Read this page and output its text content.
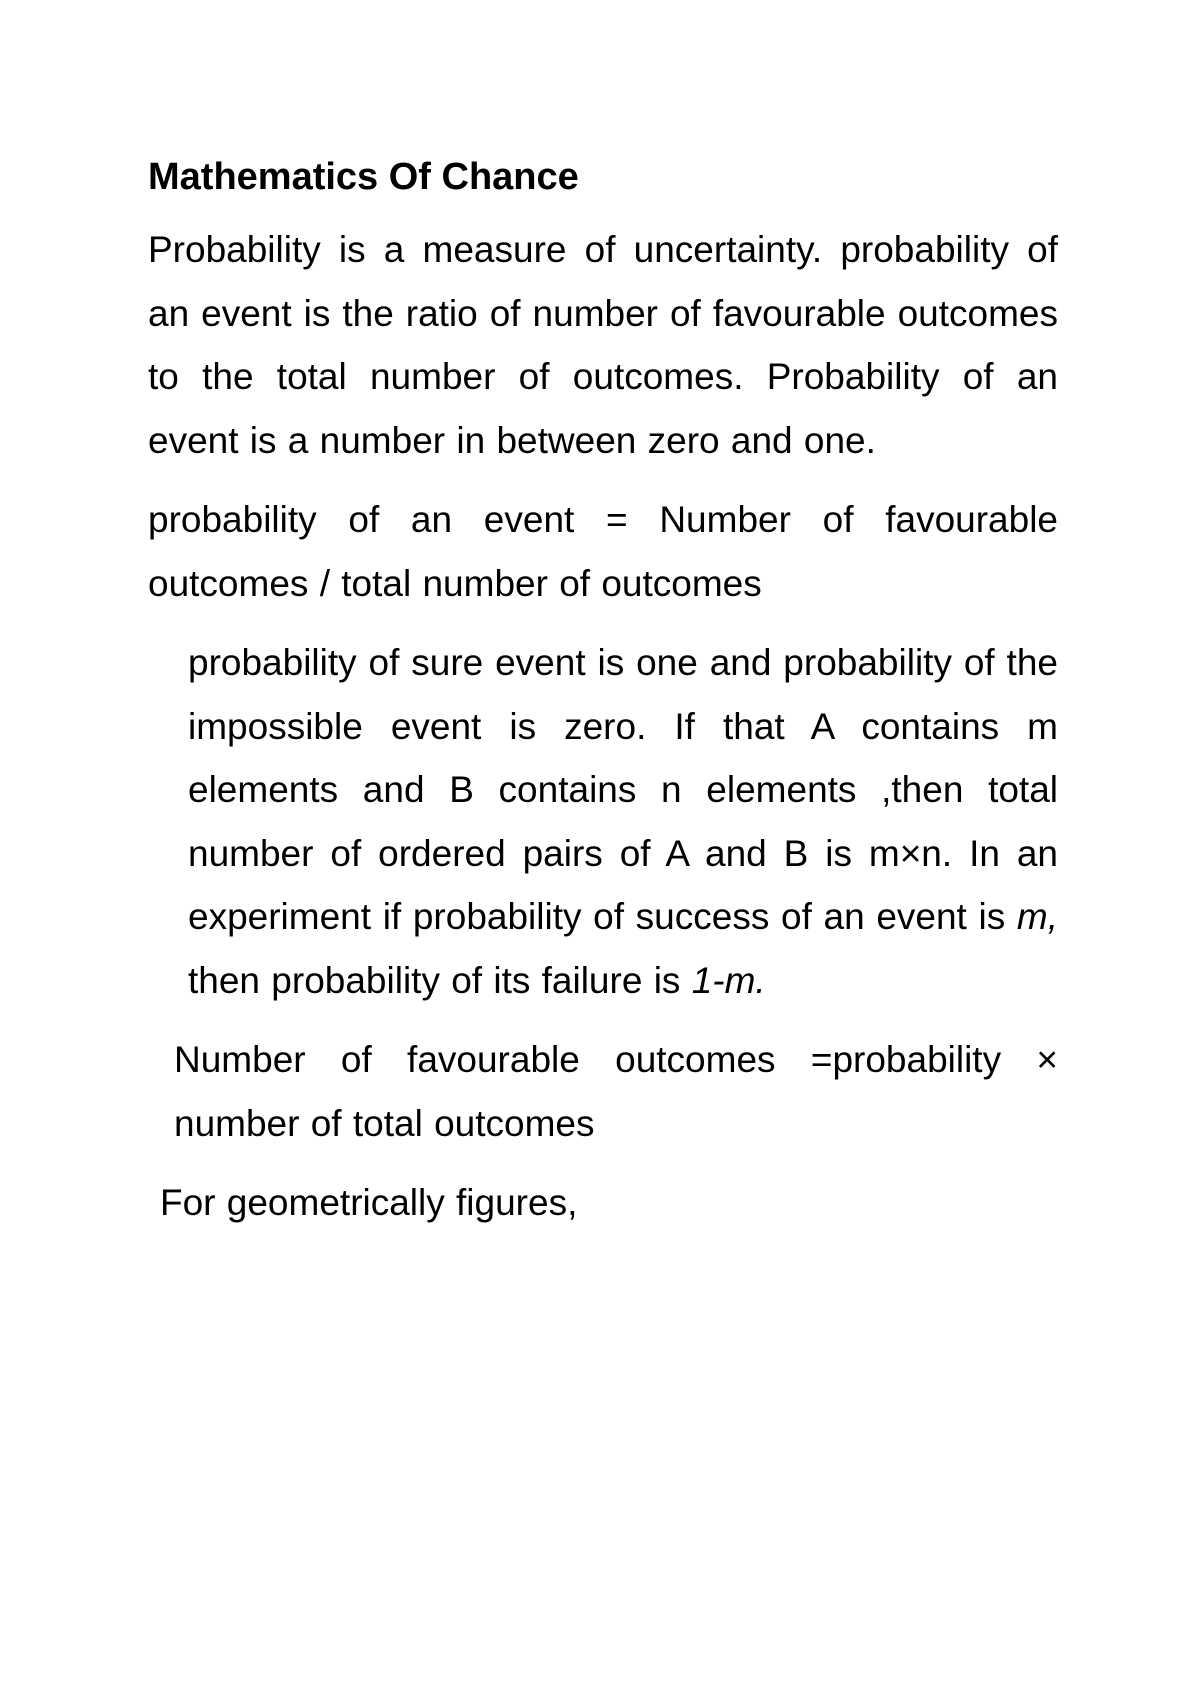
Mathematics Of Chance

Probability is a measure of uncertainty. probability of an event is the ratio of number of favourable outcomes to the total number of outcomes. Probability of an event is a number in between zero and one.

probability of an event = Number of favourable outcomes / total number of outcomes

probability of sure event is one and probability of the impossible event is zero. If that A contains m elements and B contains n elements ,then total number of ordered pairs of A and B is m×n. In an experiment if probability of success of an event is m, then probability of its failure is 1-m.

Number of favourable outcomes =probability × number of total outcomes

For geometrically figures,
